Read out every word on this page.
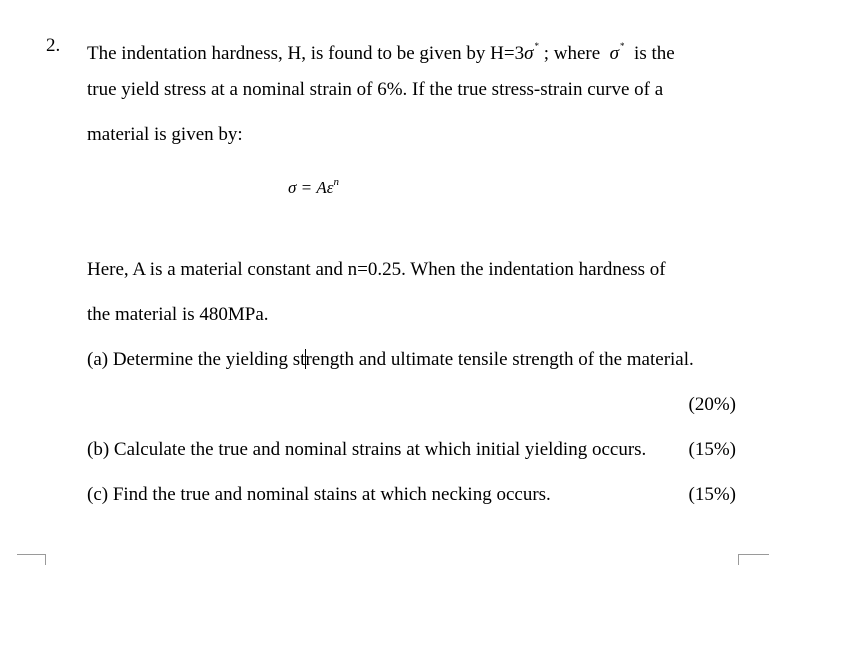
2. The indentation hardness, H, is found to be given by H=3σ* ; where σ* is the
true yield stress at a nominal strain of 6%. If the true stress-strain curve of a
material is given by:
$\sigma = A\varepsilon^n$
Here, A is a material constant and n=0.25. When the indentation hardness of
the material is 480MPa.
(a) Determine the yielding strength and ultimate tensile strength of the material.
(20%)
(b) Calculate the true and nominal strains at which initial yielding occurs. (15%)
(c) Find the true and nominal stains at which necking occurs.	(15%)
